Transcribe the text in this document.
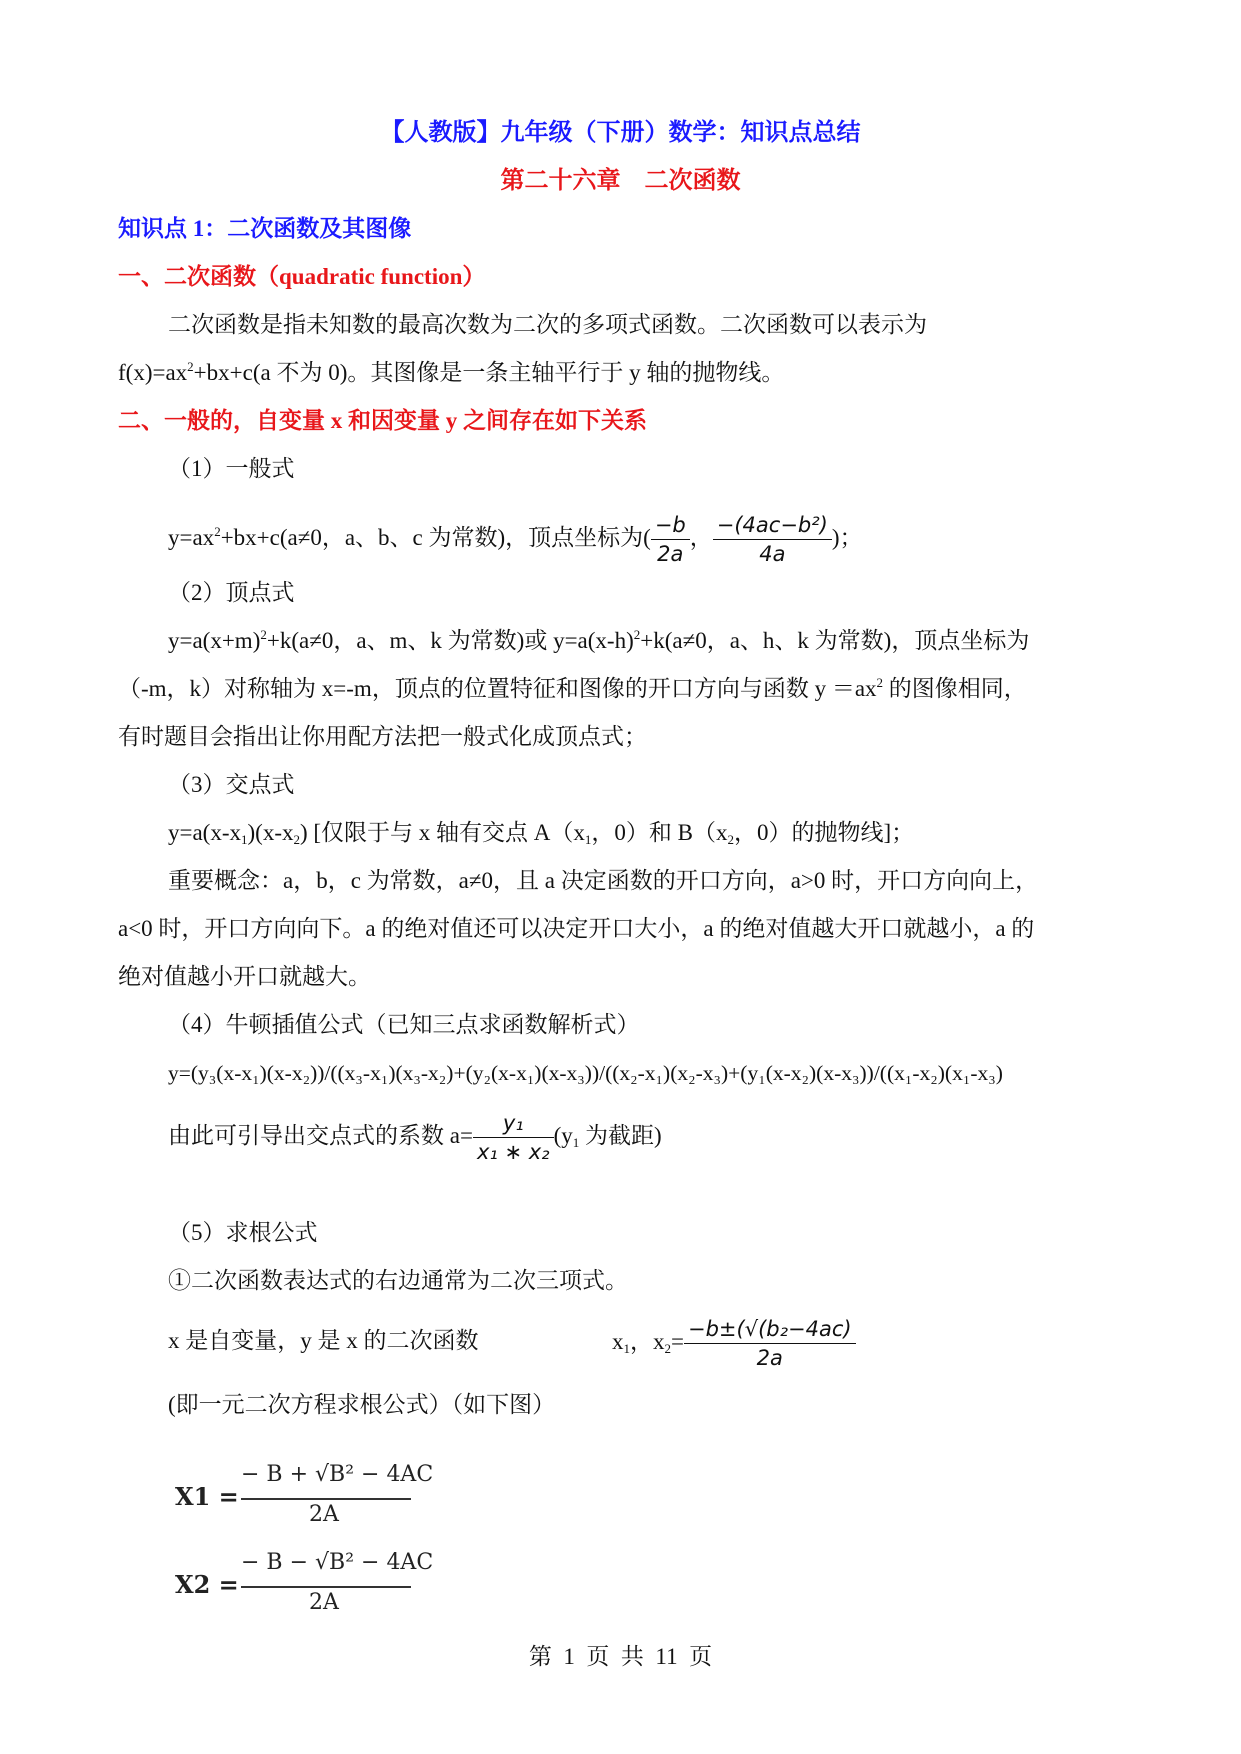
【人教版】九年级（下册）数学：知识点总结
第二十六章    二次函数
知识点 1：二次函数及其图像
一、二次函数（quadratic function）
二次函数是指未知数的最高次数为二次的多项式函数。二次函数可以表示为
$f(x)=ax^2+bx+c(a$ 不为 0)。其图像是一条主轴平行于 y 轴的抛物线。
二、一般的，自变量 x 和因变量 y 之间存在如下关系
（1）一般式
$y=ax^2+bx+c(a\ne 0$，a、b、c 为常数)，顶点坐标为( $\frac{-b}{2a}$ ， $\frac{\text{−(4ac−b²)}}{4a}$ )；
（2）顶点式
$y=a(x+m)^2+k(a\ne 0$，a、m、k 为常数)或 $y=a(x-h)^2+k(a\ne 0$，a、h、k 为常数)，顶点坐标为
（-m，k）对称轴为 x=-m，顶点的位置特征和图像的开口方向与函数 $y =ax^2$ 的图像相同，
有时题目会指出让你用配方法把一般式化成顶点式；
（3）交点式
$y=a(x-x_1)(x-x_2)$ [仅限于与 x 轴有交点 $A(x_1$，0）和 $B(x_2$，0）的抛物线]；
重要概念：a，b，c 为常数，a≠0，且 a 决定函数的开口方向，a>0 时，开口方向向上，
a<0 时，开口方向向下。a 的绝对值还可以决定开口大小，a 的绝对值越大开口就越小，a 的
绝对值越小开口就越大。
（4）牛顿插值公式（已知三点求函数解析式）
y=(y₃(x-x₁)(x-x₂))/((x₃-x₁)(x₃-x₂)+(y₂(x-x₁)(x-x₃))/((x₂-x₁)(x₂-x₃)+(y₁(x-x₂)(x-x₃))/((x₁-x₂)(x₁-x₃)
由此可引导出交点式的系数 $a= \frac{\text{y₁}}{\text{x₁ ∗ x₂}} (y_1$ 为截距)
（5）求根公式
①二次函数表达式的右边通常为二次三项式。
x 是自变量，y 是 x 的二次函数	$x_1$，$x_2= \frac{\text{−b±(√(b₂−4ac)}}{2a}$
(即一元二次方程求根公式）（如下图）
X1 =
− B + √B² − 4AC
2A
X2 =
− B − √B² − 4AC
2A
第  1  页  共  11  页
